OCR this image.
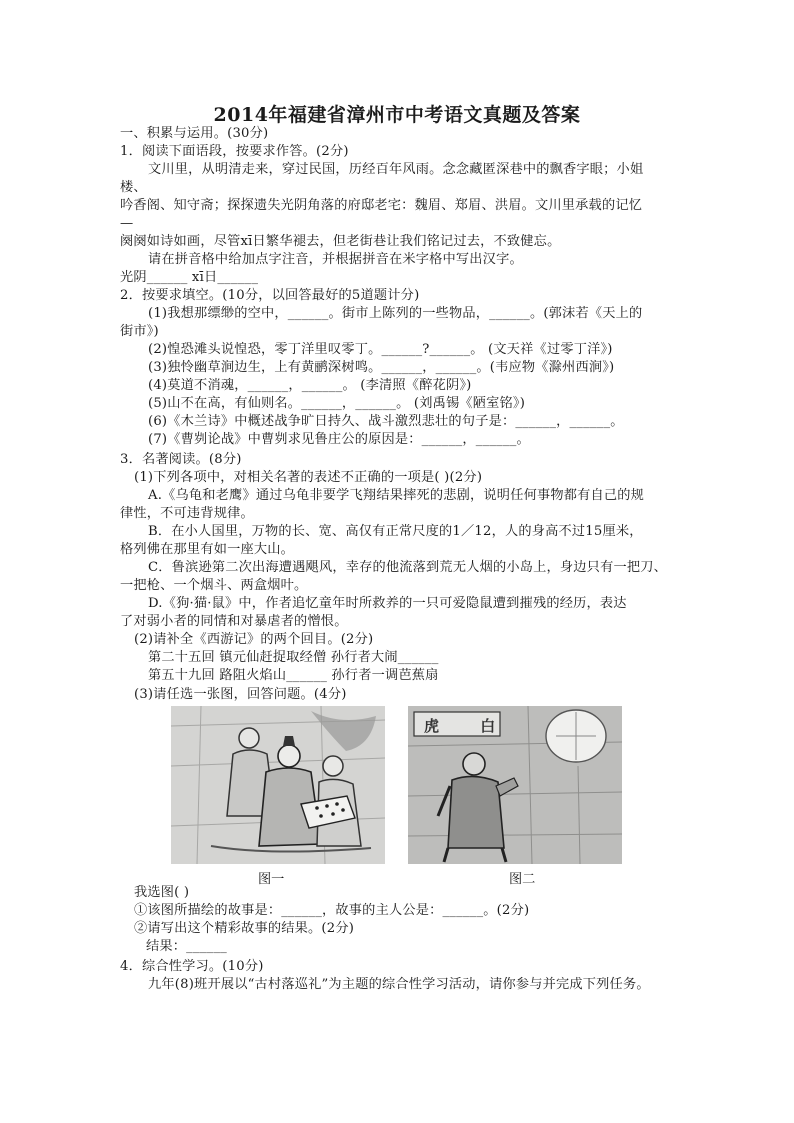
2014年福建省漳州市中考语文真题及答案
一、积累与运用。(30分)
1．阅读下面语段，按要求作答。(2分)
文川里，从明清走来，穿过民国，历经百年风雨。念念藏匿深巷中的飘香字眼；小姐
楼、
吟香阁、知守斋；探探遗失光阴角落的府邸老宅：魏眉、郑眉、洪眉。文川里承载的记忆
—
阕阕如诗如画，尽管xī日繁华褪去，但老街巷让我们铭记过去，不致健忘。
请在拼音格中给加点字注音，并根据拼音在米字格中写出汉字。
光阴______ xī日______
2．按要求填空。(10分，以回答最好的5道题计分)
(1)我想那缥缈的空中，______。街市上陈列的一些物品，______。(郭沫若《天上的
街市》)
(2)惶恐滩头说惶恐，零丁洋里叹零丁。______?______。 (文天祥《过零丁洋》)
(3)独怜幽草涧边生，上有黄鹂深树鸣。______，______。(韦应物《滁州西涧》)
(4)莫道不消魂，______，______。 (李清照《醉花阴》)
(5)山不在高，有仙则名。______，______。 (刘禹锡《陋室铭》)
(6)《木兰诗》中概述战争旷日持久、战斗激烈悲壮的句子是：______，______。
(7)《曹刿论战》中曹刿求见鲁庄公的原因是：______，______。
3．名著阅读。(8分)
(1)下列各项中，对相关名著的表述不正确的一项是( )(2分)
A.《乌龟和老鹰》通过乌龟非要学飞翔结果摔死的悲剧，说明任何事物都有自己的规
律性，不可违背规律。
B．在小人国里，万物的长、宽、高仅有正常尺度的1／12，人的身高不过15厘米，
格列佛在那里有如一座大山。
C．鲁滨逊第二次出海遭遇飓风，幸存的他流落到荒无人烟的小岛上，身边只有一把刀、
一把枪、一个烟斗、两盒烟叶。
D.《狗·猫·鼠》中，作者追忆童年时所救养的一只可爱隐鼠遭到摧残的经历，表达
了对弱小者的同情和对暴虐者的憎恨。
(2)请补全《西游记》的两个回目。(2分)
第二十五回 镇元仙赶捉取经僧 孙行者大闹______
第五十九回 路阻火焰山______ 孙行者一调芭蕉扇
(3)请任选一张图，回答问题。(4分)
虎 白
图一	图二
我选图( )
①该图所描绘的故事是：______，故事的主人公是：______。(2分)
②请写出这个精彩故事的结果。(2分)
结果：______
4．综合性学习。(10分)
九年(8)班开展以“古村落巡礼”为主题的综合性学习活动，请你参与并完成下列任务。
